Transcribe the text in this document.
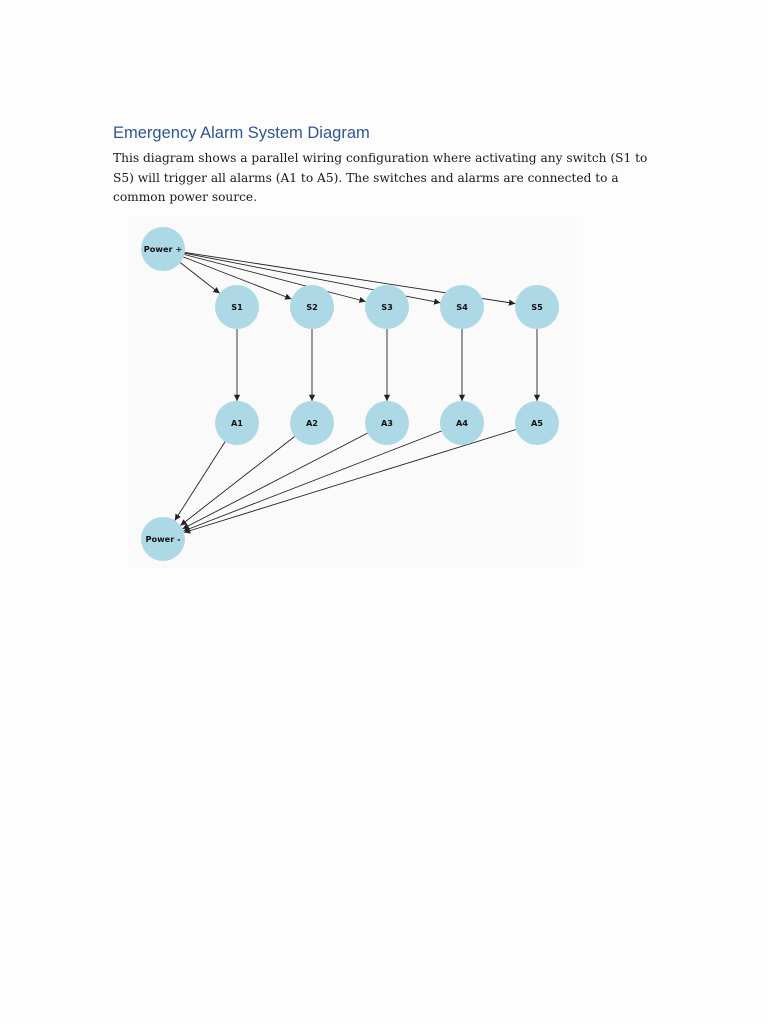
Emergency Alarm System Diagram

This diagram shows a parallel wiring configuration where activating any switch (S1 to S5) will trigger all alarms (A1 to A5). The switches and alarms are connected to a common power source.

Power +
S1	S2	S3	S4	S5
A1	A2	A3	A4	A5
Power -
